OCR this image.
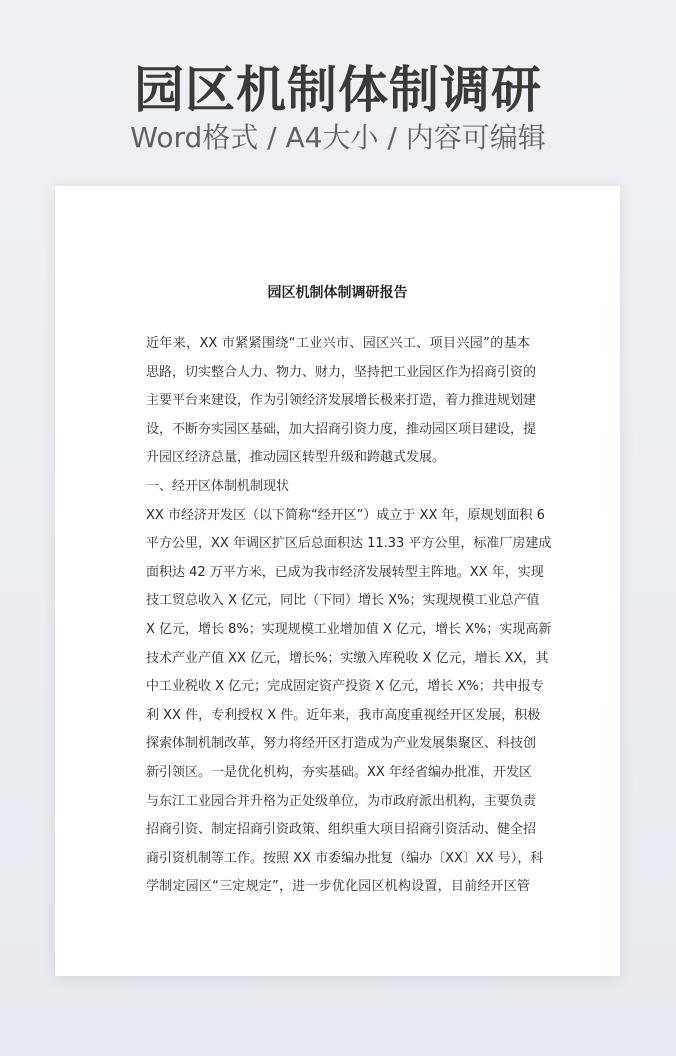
园区机制体制调研
Word格式 / A4大小 / 内容可编辑
园区机制体制调研报告
近年来，XX 市紧紧围绕“工业兴市、园区兴工、项目兴园”的基本
思路，切实整合人力、物力、财力，坚持把工业园区作为招商引资的
主要平台来建设，作为引领经济发展增长极来打造，着力推进规划建
设，不断夯实园区基础，加大招商引资力度，推动园区项目建设，提
升园区经济总量，推动园区转型升级和跨越式发展。
一、经开区体制机制现状
XX 市经济开发区（以下简称“经开区”）成立于 XX 年，原规划面积 6
平方公里，XX 年调区扩区后总面积达 11.33 平方公里，标准厂房建成
面积达 42 万平方米，已成为我市经济发展转型主阵地。XX 年，实现
技工贸总收入 X 亿元，同比（下同）增长 X%；实现规模工业总产值
X 亿元，增长 8%；实现规模工业增加值 X 亿元，增长 X%；实现高新
技术产业产值 XX 亿元，增长%；实缴入库税收 X 亿元，增长 XX，其
中工业税收 X 亿元；完成固定资产投资 X 亿元，增长 X%；共申报专
利 XX 件，专利授权 X 件。近年来，我市高度重视经开区发展，积极
探索体制机制改革，努力将经开区打造成为产业发展集聚区、科技创
新引领区。一是优化机构，夯实基础。XX 年经省编办批准，开发区
与东江工业园合并升格为正处级单位，为市政府派出机构，主要负责
招商引资、制定招商引资政策、组织重大项目招商引资活动、健全招
商引资机制等工作。按照 XX 市委编办批复（编办〔XX〕XX 号），科
学制定园区“三定规定”，进一步优化园区机构设置，目前经开区管
